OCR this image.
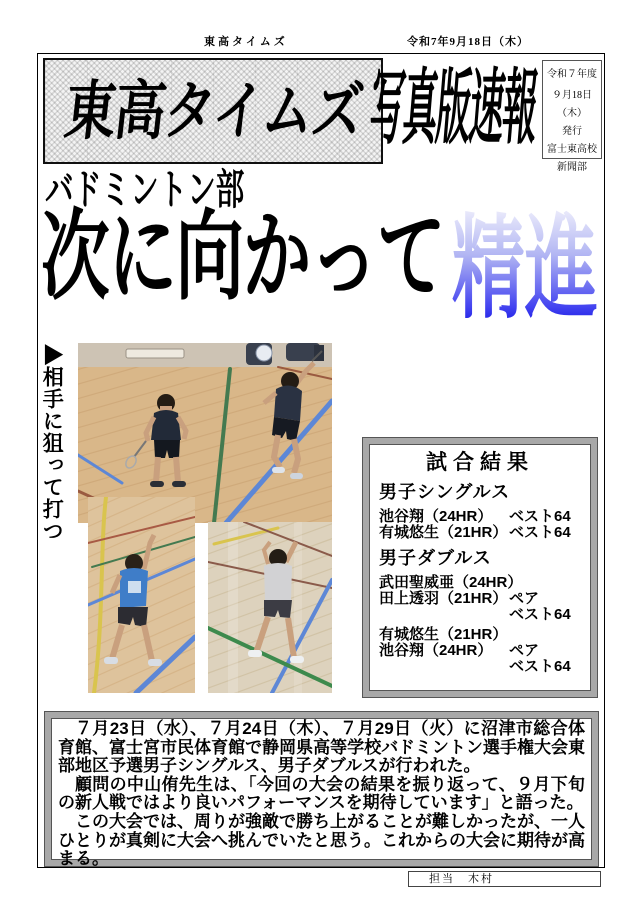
東高タイムズ	令和7年9月18日（木）
東高タイムズ 写真版速報 令和７年度
９月18日（木）
発行
富士東高校
新聞部
バドミントン部
次に向かって 精進
▶相手に狙って打つ	試合結果
男子シングルス
池谷翔（24HR）	ベスト64
有城悠生（21HR） ベスト64
男子ダブルス
武田聖威亜（24HR）
田上透羽（21HR） ペア
ベスト64
有城悠生（21HR）
池谷翔（24HR）	ペア
ベスト64

７月23日（水）、７月24日（木）、７月29日（火）に沼津市総合体育館、富士宮市民体育館で静岡県高等学校バドミントン選手権大会東部地区予選男子シングルス、男子ダブルスが行われた。

顧問の中山侑先生は、「今回の大会の結果を振り返って、９月下旬の新人戦ではより良いパフォーマンスを期待しています」と語った。

この大会では、周りが強敵で勝ち上がることが難しかったが、一人ひとりが真剣に大会へ挑んでいたと思う。これからの大会に期待が高まる。

担当　木村
